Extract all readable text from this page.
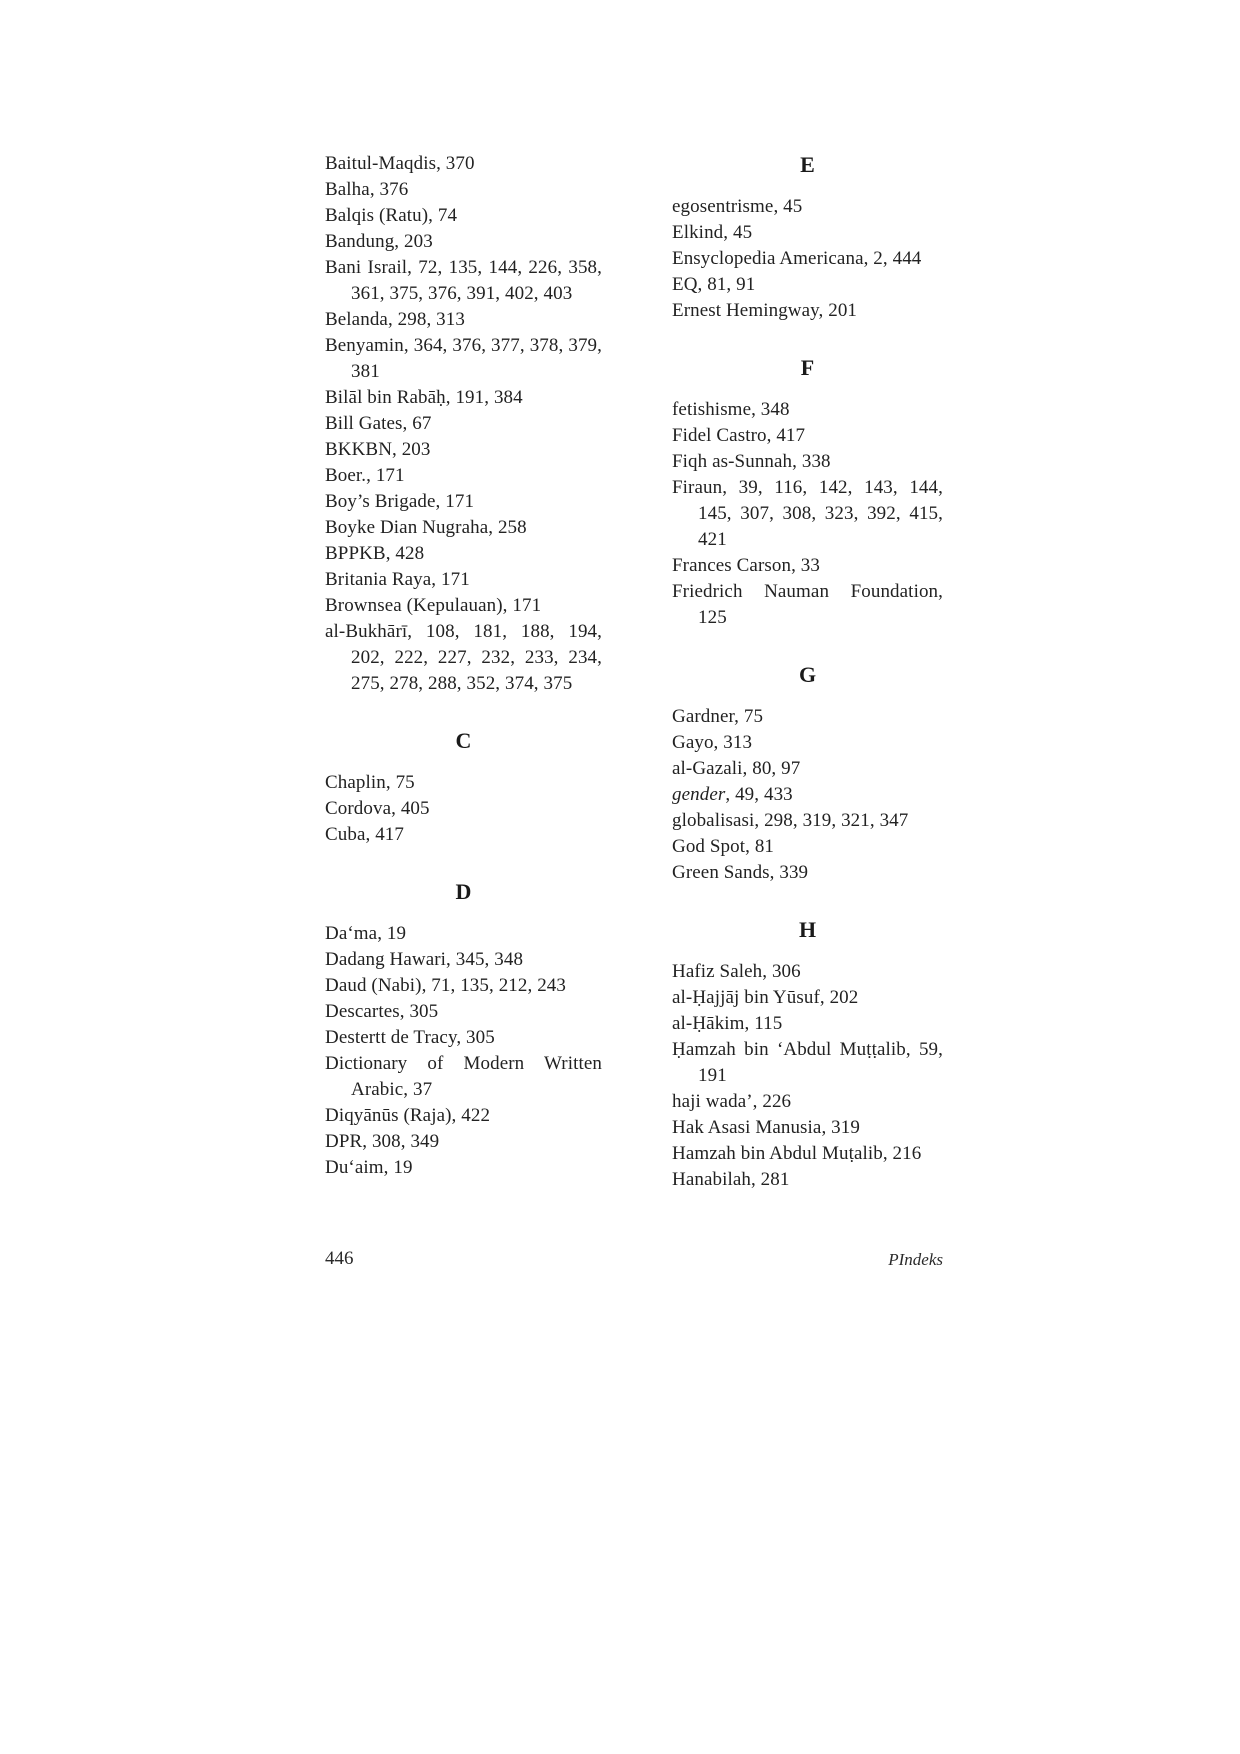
Baitul-Maqdis, 370

Balha, 376

Balqis (Ratu), 74

Bandung, 203

Bani Israil, 72, 135, 144, 226, 358, 361, 375, 376, 391, 402, 403

Belanda, 298, 313

Benyamin, 364, 376, 377, 378, 379, 381

Bilāl bin Rabāḥ, 191, 384

Bill Gates, 67

BKKBN, 203

Boer., 171

Boy’s Brigade, 171

Boyke Dian Nugraha, 258

BPPKB, 428

Britania Raya, 171

Brownsea (Kepulauan), 171

al-Bukhārī, 108, 181, 188, 194, 202, 222, 227, 232, 233, 234, 275, 278, 288, 352, 374, 375

C

Chaplin, 75

Cordova, 405

Cuba, 417

D

Da‘ma, 19

Dadang Hawari, 345, 348

Daud (Nabi), 71, 135, 212, 243

Descartes, 305

Destertt de Tracy, 305

Dictionary of Modern Written Arabic, 37

Diqyānūs (Raja), 422

DPR, 308, 349

Du‘aim, 19

E

egosentrisme, 45

Elkind, 45

Ensyclopedia Americana, 2, 444

EQ, 81, 91

Ernest Hemingway, 201

F

fetishisme, 348

Fidel Castro, 417

Fiqh as-Sunnah, 338

Firaun, 39, 116, 142, 143, 144, 145, 307, 308, 323, 392, 415, 421

Frances Carson, 33

Friedrich Nauman Foundation, 125

G

Gardner, 75

Gayo, 313

al-Gazali, 80, 97

gender, 49, 433

globalisasi, 298, 319, 321, 347

God Spot, 81

Green Sands, 339

H

Hafiz Saleh, 306

al-Ḥajjāj bin Yūsuf, 202

al-Ḥākim, 115

Ḥamzah bin ‘Abdul Muṭṭalib, 59, 191

haji wada’, 226

Hak Asasi Manusia, 319

Hamzah bin Abdul Muṭalib, 216

Hanabilah, 281

446	PIndeks
